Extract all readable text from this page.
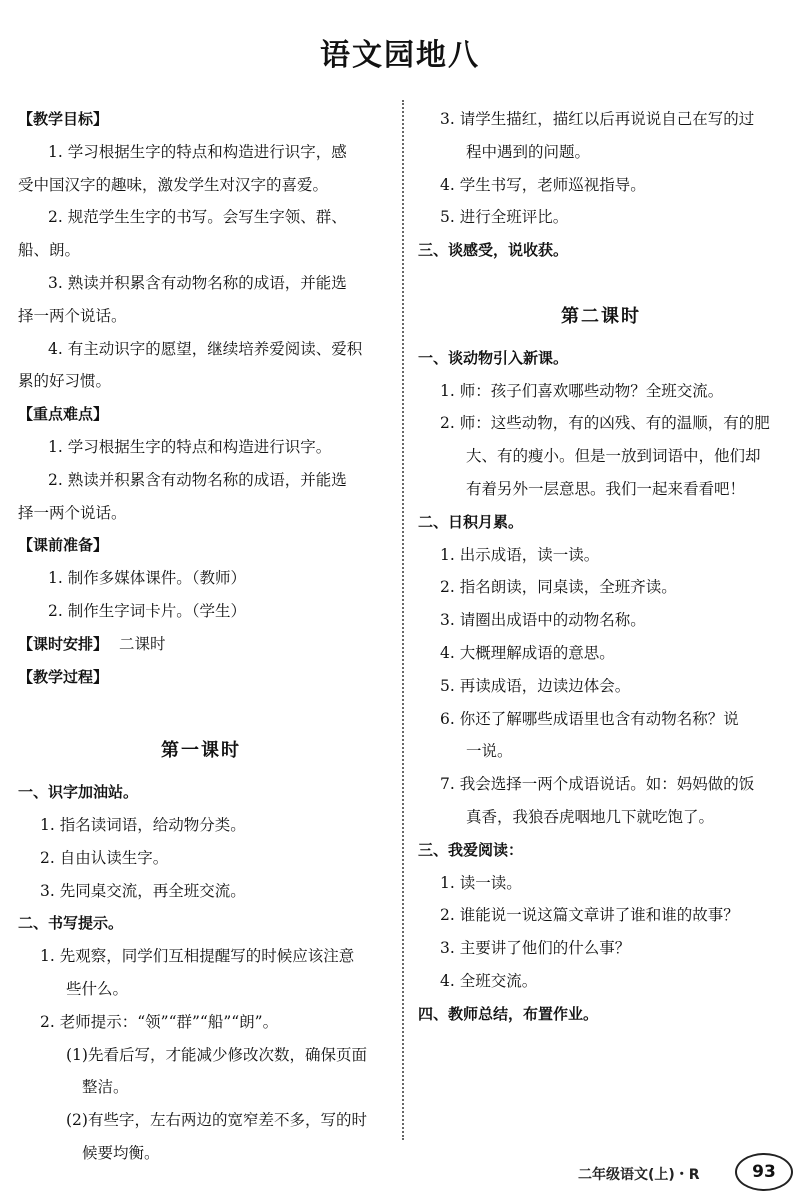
语文园地八
【教学目标】
1. 学习根据生字的特点和构造进行识字，感
受中国汉字的趣味，激发学生对汉字的喜爱。
2. 规范学生生字的书写。会写生字领、群、
船、朗。
3. 熟读并积累含有动物名称的成语，并能选
择一两个说话。
4. 有主动识字的愿望，继续培养爱阅读、爱积
累的好习惯。
【重点难点】
1. 学习根据生字的特点和构造进行识字。
2. 熟读并积累含有动物名称的成语，并能选
择一两个说话。
【课前准备】
1. 制作多媒体课件。（教师）
2. 制作生字词卡片。（学生）
【课时安排】 二课时
【教学过程】
第一课时
一、识字加油站。
1. 指名读词语，给动物分类。
2. 自由认读生字。
3. 先同桌交流，再全班交流。
二、书写提示。
1. 先观察，同学们互相提醒写的时候应该注意
些什么。
2. 老师提示：“领”“群”“船”“朗”。
(1)先看后写，才能减少修改次数，确保页面
整洁。
(2)有些字，左右两边的宽窄差不多，写的时
候要均衡。
3. 请学生描红，描红以后再说说自己在写的过
程中遇到的问题。
4. 学生书写，老师巡视指导。
5. 进行全班评比。
三、谈感受，说收获。
第二课时
一、谈动物引入新课。
1. 师：孩子们喜欢哪些动物？全班交流。
2. 师：这些动物，有的凶残、有的温顺，有的肥
大、有的瘦小。但是一放到词语中，他们却
有着另外一层意思。我们一起来看看吧！
二、日积月累。
1. 出示成语，读一读。
2. 指名朗读，同桌读，全班齐读。
3. 请圈出成语中的动物名称。
4. 大概理解成语的意思。
5. 再读成语，边读边体会。
6. 你还了解哪些成语里也含有动物名称？说
一说。
7. 我会选择一两个成语说话。如：妈妈做的饭
真香，我狼吞虎咽地几下就吃饱了。
三、我爱阅读：
1. 读一读。
2. 谁能说一说这篇文章讲了谁和谁的故事？
3. 主要讲了他们的什么事？
4. 全班交流。
四、教师总结，布置作业。
二年级语文(上)・R	93
